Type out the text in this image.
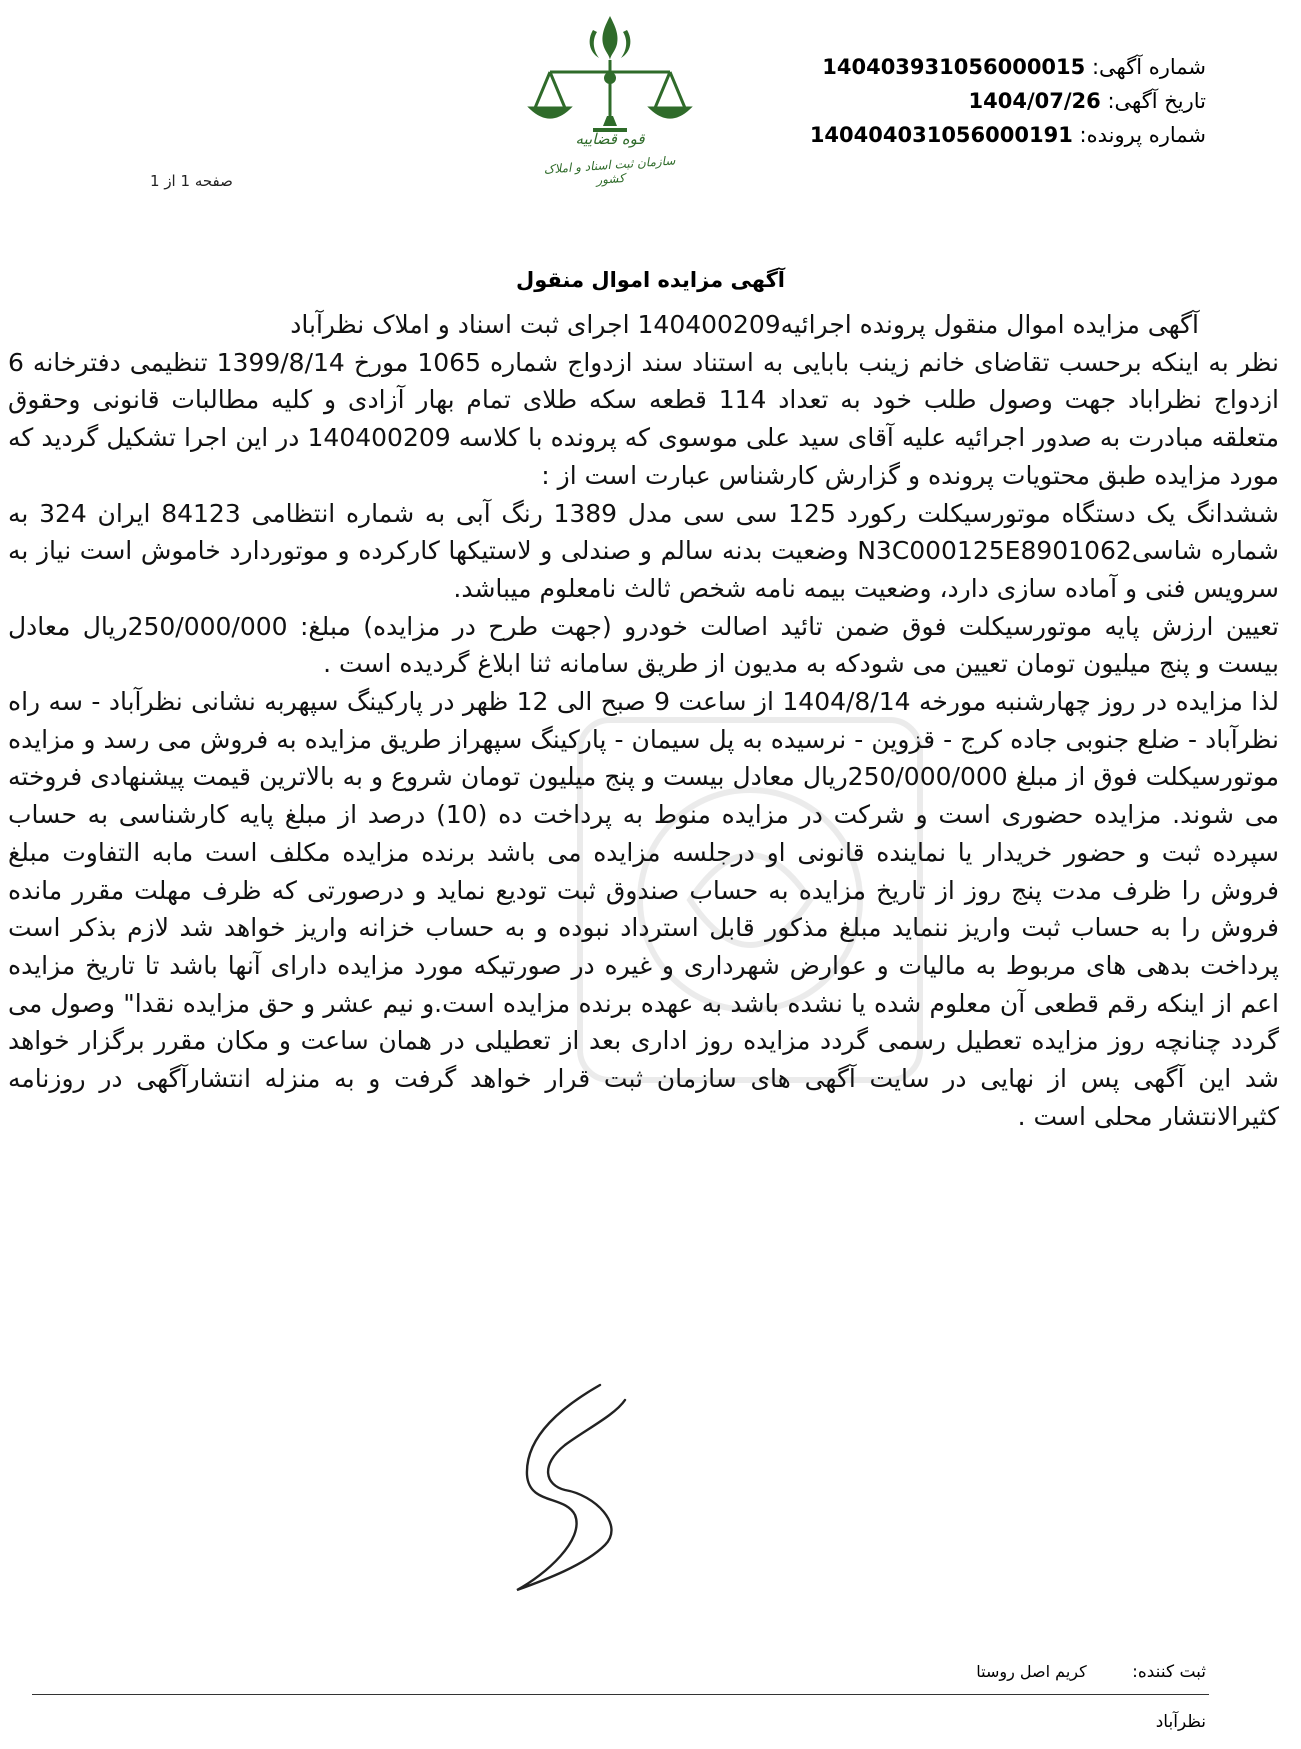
قوه قضاییه
سازمان ثبت اسناد و املاک کشور
شماره آگهی: 140403931056000015
تاریخ آگهی: 1404/07/26
شماره پرونده: 140404031056000191
صفحه 1 از 1
آگهی مزایده اموال منقول

آگهی مزایده اموال منقول پرونده اجرائیه140400209 اجرای ثبت اسناد و املاک نظرآباد

نظر به اینکه برحسب تقاضای خانم زینب بابایی به استناد سند ازدواج شماره 1065 مورخ 1399/8/14 تنظیمی دفترخانه 6 ازدواج نظراباد جهت وصول طلب خود به تعداد 114 قطعه سکه طلای تمام بهار آزادی و کلیه مطالبات قانونی وحقوق متعلقه مبادرت به صدور اجرائیه علیه آقای سید علی موسوی که پرونده با کلاسه 140400209 در این اجرا تشکیل گردید که مورد مزایده طبق محتویات پرونده و گزارش کارشناس عبارت است از :

ششدانگ یک دستگاه موتورسیکلت رکورد 125 سی سی مدل 1389 رنگ آبی به شماره انتظامی 84123 ایران 324 به شماره شاسیN3C000125E8901062 وضعیت بدنه سالم و صندلی و لاستیکها کارکرده و موتوردارد خاموش است نیاز به سرویس فنی و آماده سازی دارد، وضعیت بیمه نامه شخص ثالث نامعلوم میباشد.

تعیین ارزش پایه موتورسیکلت فوق ضمن تائید اصالت خودرو (جهت طرح در مزایده) مبلغ: 250/000/000ریال معادل بیست و پنج میلیون تومان تعیین می شودکه به مدیون از طریق سامانه ثنا ابلاغ گردیده است .

لذا مزایده در روز چهارشنبه مورخه 1404/8/14 از ساعت 9 صبح الی 12 ظهر در پارکینگ سپهربه نشانی نظرآباد - سه راه نظرآباد - ضلع جنوبی جاده کرج - قزوین - نرسیده به پل سیمان - پارکینگ سپهراز طریق مزایده به فروش می رسد و مزایده موتورسیکلت فوق از مبلغ 250/000/000ریال معادل بیست و پنج میلیون تومان شروع و به بالاترین قیمت پیشنهادی فروخته می شوند. مزایده حضوری است و شرکت در مزایده منوط به پرداخت ده (10) درصد از مبلغ پایه کارشناسی به حساب سپرده ثبت و حضور خریدار یا نماینده قانونی او درجلسه مزایده می باشد برنده مزایده مکلف است مابه التفاوت مبلغ فروش را ظرف مدت پنج روز از تاریخ مزایده به حساب صندوق ثبت توديع نمايد و درصورتی که ظرف مهلت مقرر مانده فروش را به حساب ثبت واریز ننماید مبلغ مذکور قابل استرداد نبوده و به حساب خزانه واریز خواهد شد لازم بذکر است پرداخت بدهی های مربوط به مالیات و عوارض شهرداری و غیره در صورتیکه مورد مزایده دارای آنها باشد تا تاریخ مزایده اعم از اینکه رقم قطعی آن معلوم شده یا نشده باشد به عهده برنده مزایده است.و نیم عشر و حق مزایده نقدا" وصول می گردد چنانچه روز مزایده تعطیل رسمی گردد مزایده روز اداری بعد از تعطیلی در همان ساعت و مکان مقرر برگزار خواهد شد این آگهی پس از نهایی در سایت آگهی های سازمان ثبت قرار خواهد گرفت و به منزله انتشارآگهی در روزنامه کثیرالانتشار محلی است .

ثبت کننده: کریم اصل روستا
نظرآباد
